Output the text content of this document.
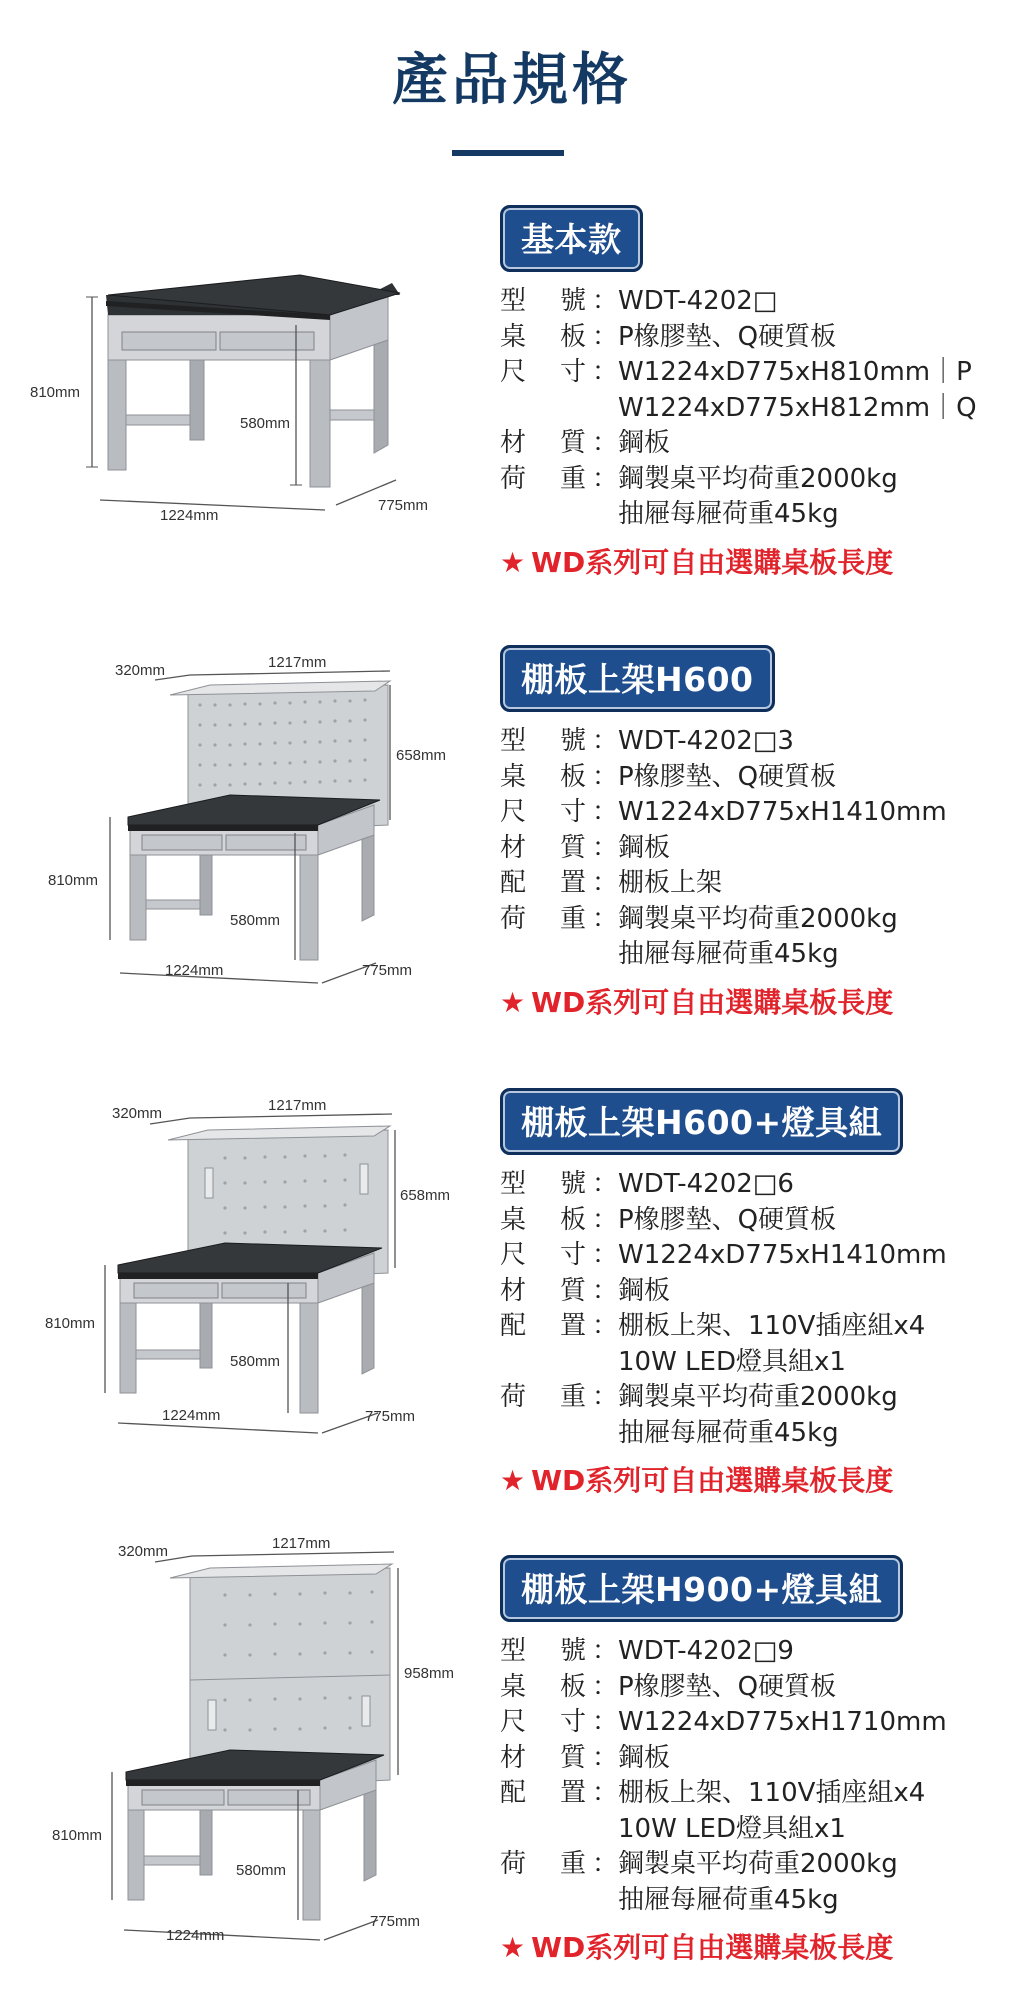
產品規格
810mm
580mm
1224mm
775mm
基本款
型 號 ： WDT-4202□
桌 板 ： P橡膠墊、Q硬質板
尺 寸 ： W1224xD775xH810mm｜P
W1224xD775xH812mm｜Q
材 質 ： 鋼板
荷 重 ： 鋼製桌平均荷重2000kg
抽屜每屜荷重45kg
★ WD系列可自由選購桌板長度
320mm	1217mm
658mm
810mm
580mm
1224mm	775mm
棚板上架H600
型 號 ： WDT-4202□3
桌 板 ： P橡膠墊、Q硬質板
尺 寸 ： W1224xD775xH1410mm
材 質 ： 鋼板
配 置 ： 棚板上架
荷 重 ： 鋼製桌平均荷重2000kg
抽屜每屜荷重45kg
★ WD系列可自由選購桌板長度
320mm	1217mm
658mm
810mm
580mm
1224mm	775mm
棚板上架H600+燈具組
型 號 ： WDT-4202□6
桌 板 ： P橡膠墊、Q硬質板
尺 寸 ： W1224xD775xH1410mm
材 質 ： 鋼板
配 置 ： 棚板上架、110V插座組x4
10W LED燈具組x1
荷 重 ： 鋼製桌平均荷重2000kg
抽屜每屜荷重45kg
★ WD系列可自由選購桌板長度
320mm	1217mm
958mm
810mm
580mm
1224mm
775mm
棚板上架H900+燈具組
型 號 ： WDT-4202□9
桌 板 ： P橡膠墊、Q硬質板
尺 寸 ： W1224xD775xH1710mm
材 質 ： 鋼板
配 置 ： 棚板上架、110V插座組x4
10W LED燈具組x1
荷 重 ： 鋼製桌平均荷重2000kg
抽屜每屜荷重45kg
★ WD系列可自由選購桌板長度
